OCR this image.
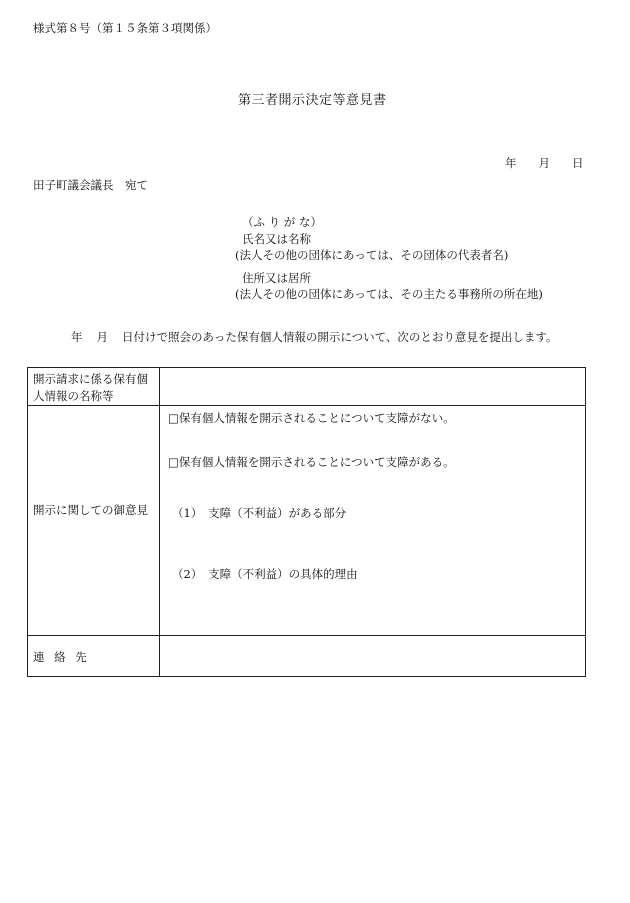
様式第８号（第１５条第３項関係）
第三者開示決定等意見書
年 月 日
田子町議会議長　宛て
（ふ り が な）
氏名又は名称
(法人その他の団体にあっては、その団体の代表者名)
住所又は居所
(法人その他の団体にあっては、その主たる事務所の所在地)
年 月 日付けで照会のあった保有個人情報の開示について、次のとおり意見を提出します。
開示請求に係る保有個人情報の名称等
開示に関しての御意見
□保有個人情報を開示されることについて支障がない。
□保有個人情報を開示されることについて支障がある。
（1）　支障（不利益）がある部分
（2）　支障（不利益）の具体的理由
連 絡 先
